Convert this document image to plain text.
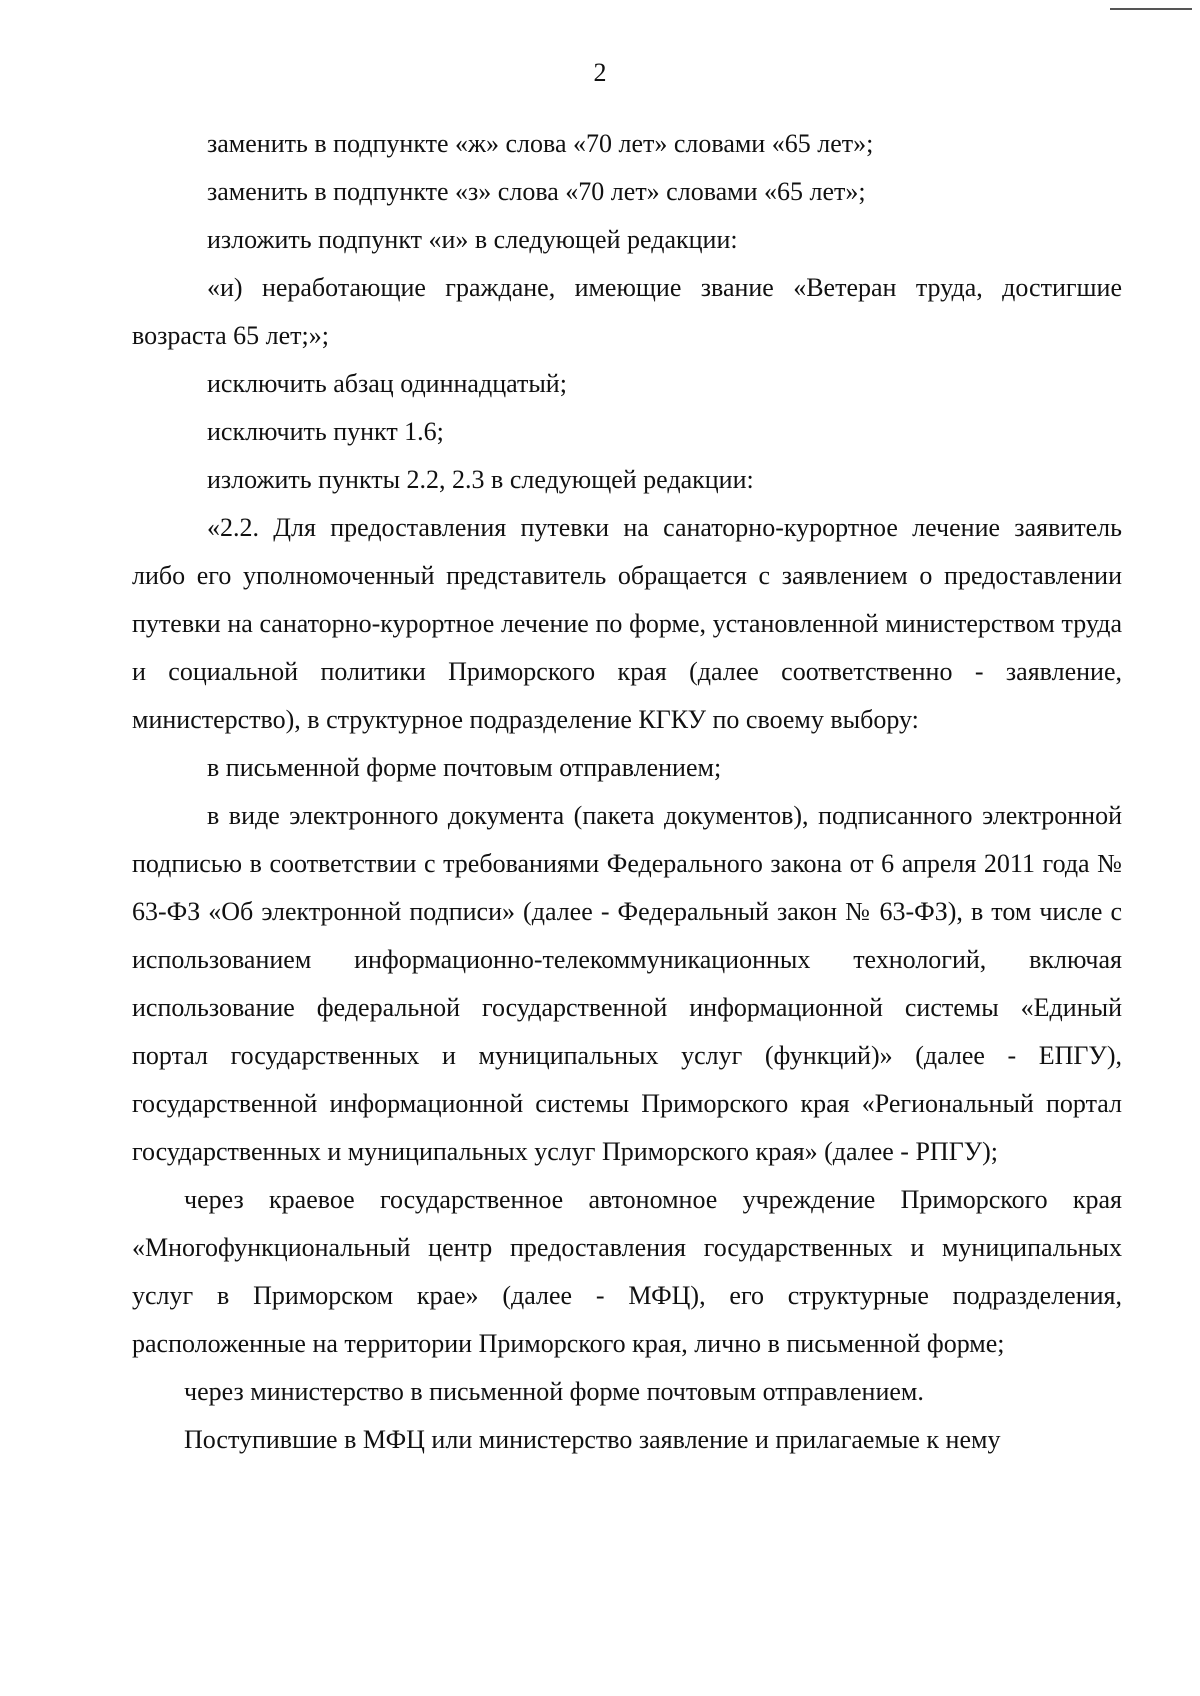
2

заменить в подпункте «ж» слова «70 лет» словами «65 лет»;

заменить в подпункте «з» слова «70 лет» словами «65 лет»;

изложить подпункт «и» в следующей редакции:

«и) неработающие граждане, имеющие звание «Ветеран труда, достигшие возраста 65 лет;»;

исключить абзац одиннадцатый;

исключить пункт 1.6;

изложить пункты 2.2, 2.3 в следующей редакции:

«2.2. Для предоставления путевки на санаторно-курортное лечение заявитель либо его уполномоченный представитель обращается с заявлением о предоставлении путевки на санаторно-курортное лечение по форме, установленной министерством труда и социальной политики Приморского края (далее соответственно - заявление, министерство), в структурное подразделение КГКУ по своему выбору:

в письменной форме почтовым отправлением;

в виде электронного документа (пакета документов), подписанного электронной подписью в соответствии с требованиями Федерального закона от 6 апреля 2011 года № 63-ФЗ «Об электронной подписи» (далее - Федеральный закон № 63-ФЗ), в том числе с использованием информационно-телекоммуникационных технологий, включая использование федеральной государственной информационной системы «Единый портал государственных и муниципальных услуг (функций)» (далее - ЕПГУ), государственной информационной системы Приморского края «Региональный портал государственных и муниципальных услуг Приморского края» (далее - РПГУ);

через краевое государственное автономное учреждение Приморского края «Многофункциональный центр предоставления государственных и муниципальных услуг в Приморском крае» (далее - МФЦ), его структурные подразделения, расположенные на территории Приморского края, лично в письменной форме;

через министерство в письменной форме почтовым отправлением.

Поступившие в МФЦ или министерство заявление и прилагаемые к нему
